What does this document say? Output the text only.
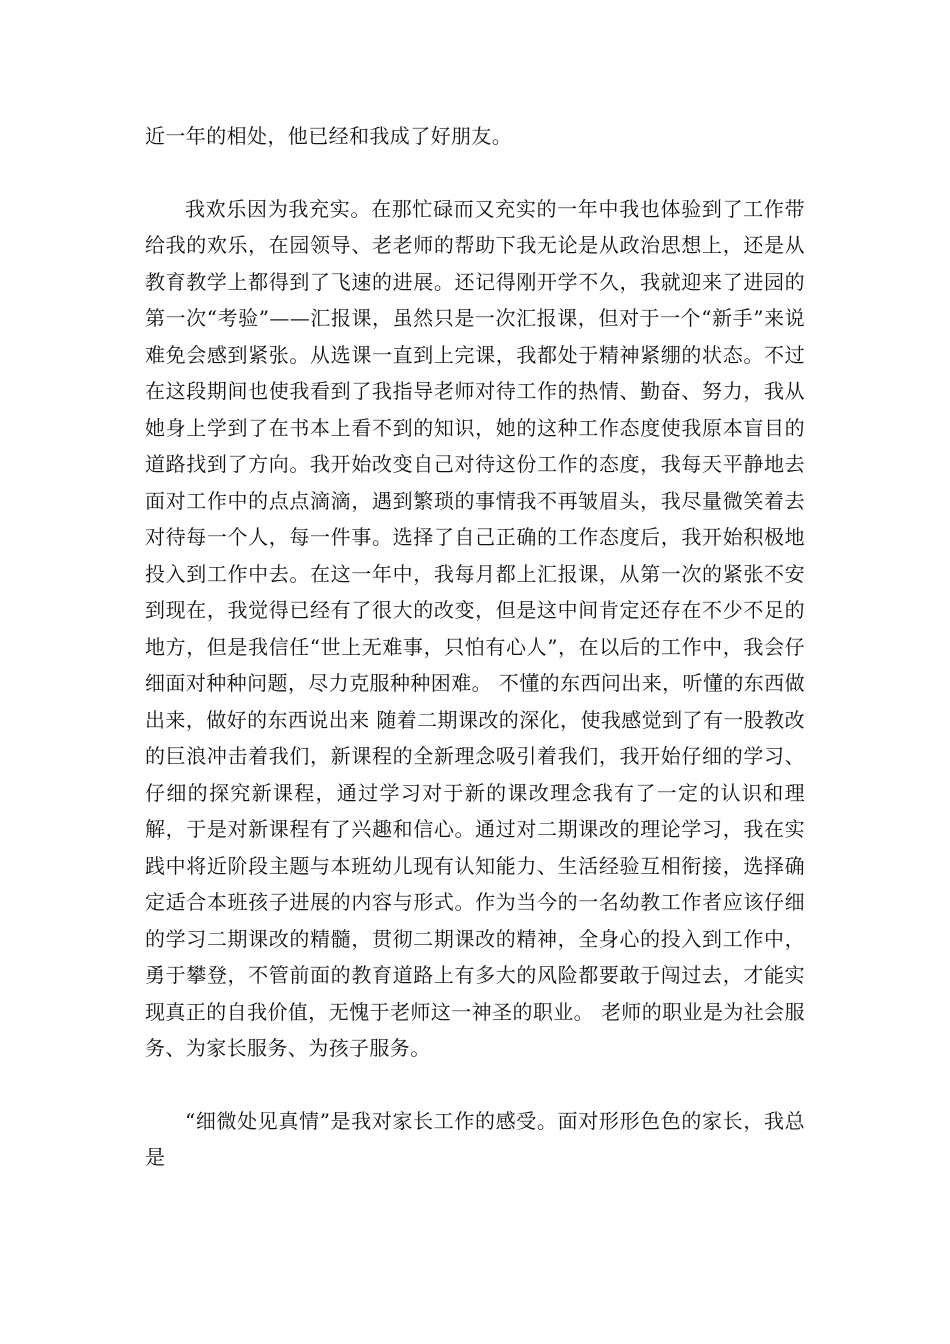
近一年的相处，他已经和我成了好朋友。

我欢乐因为我充实。在那忙碌而又充实的一年中我也体验到了工作带给我的欢乐，在园领导、老老师的帮助下我无论是从政治思想上，还是从教育教学上都得到了飞速的进展。还记得刚开学不久，我就迎来了进园的第一次“考验”——汇报课，虽然只是一次汇报课，但对于一个“新手”来说难免会感到紧张。从选课一直到上完课，我都处于精神紧绷的状态。不过在这段期间也使我看到了我指导老师对待工作的热情、勤奋、努力，我从她身上学到了在书本上看不到的知识，她的这种工作态度使我原本盲目的道路找到了方向。我开始改变自己对待这份工作的态度，我每天平静地去面对工作中的点点滴滴，遇到繁琐的事情我不再皱眉头，我尽量微笑着去对待每一个人，每一件事。选择了自己正确的工作态度后，我开始积极地投入到工作中去。在这一年中，我每月都上汇报课，从第一次的紧张不安到现在，我觉得已经有了很大的改变，但是这中间肯定还存在不少不足的地方，但是我信任“世上无难事，只怕有心人”，在以后的工作中，我会仔细面对种种问题，尽力克服种种困难。 不懂的东西问出来，听懂的东西做出来，做好的东西说出来 随着二期课改的深化，使我感觉到了有一股教改的巨浪冲击着我们，新课程的全新理念吸引着我们，我开始仔细的学习、仔细的探究新课程，通过学习对于新的课改理念我有了一定的认识和理解，于是对新课程有了兴趣和信心。通过对二期课改的理论学习，我在实践中将近阶段主题与本班幼儿现有认知能力、生活经验互相衔接，选择确定适合本班孩子进展的内容与形式。作为当今的一名幼教工作者应该仔细的学习二期课改的精髓，贯彻二期课改的精神，全身心的投入到工作中，勇于攀登，不管前面的教育道路上有多大的风险都要敢于闯过去，才能实现真正的自我价值，无愧于老师这一神圣的职业。 老师的职业是为社会服务、为家长服务、为孩子服务。

“细微处见真情”是我对家长工作的感受。面对形形色色的家长，我总是
